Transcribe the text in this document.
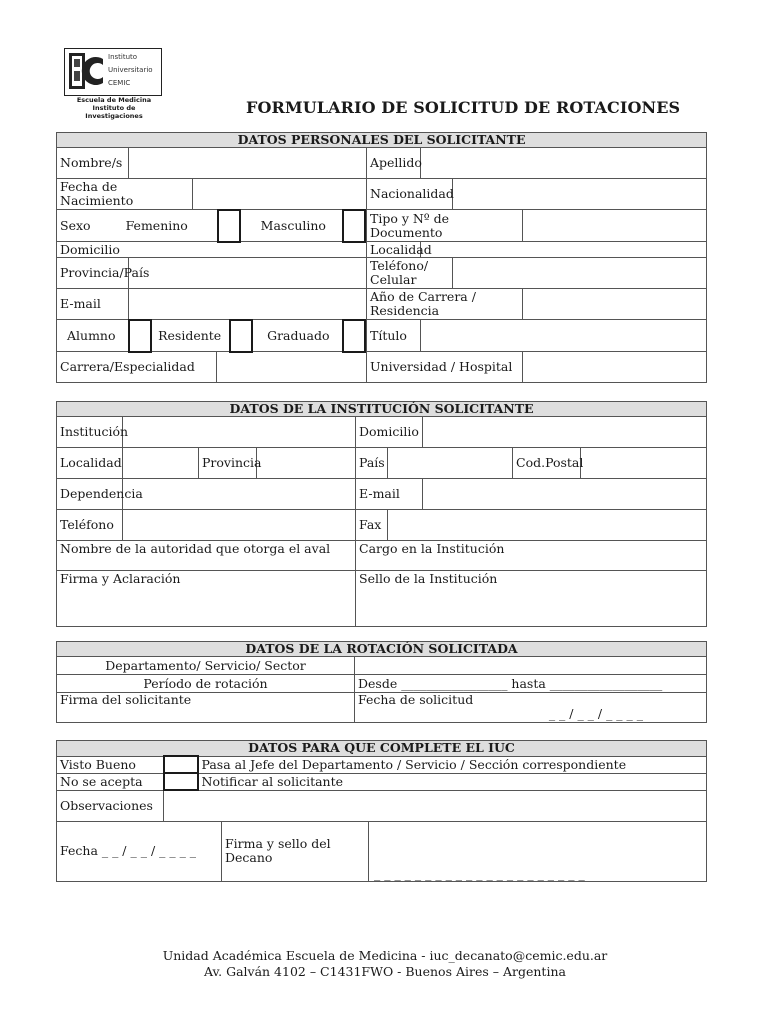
Instituto
Universitario
CEMIC
Escuela de Medicina
Instituto de Investigaciones	FORMULARIO DE SOLICITUD DE ROTACIONES
DATOS PERSONALES DEL SOLICITANTE							
Nombre/s				Apellido			
Fecha de Nacimiento				Nacionalidad			

Sexo Femenino Masculino				Tipo y Nº de Documento			
Domicilio				Localidad			
Provincia/País				Teléfono/ Celular			
E-mail				Año de Carrera / Residencia			

Alumno Residente Graduado				Título			
Carrera/Especialidad				Universidad / Hospital			
DATOS DE LA INSTITUCIÓN SOLICITANTE								
Institución				Domicilio				
Localidad		Provincia		País			Cod.Postal	
Dependencia				E-mail				
Teléfono				Fax				
Nombre de la autoridad que otorga el aval				Cargo en la Institución				
Firma y Aclaración				Sello de la Institución				
DATOS DE LA ROTACIÓN SOLICITADA	
Departamento/ Servicio/ Sector	
Período de rotación	Desde _________________ hasta __________________
Firma del solicitante	Fecha de solicitud
_ _ / _ _ / _ _ _ _
DATOS PARA QUE COMPLETE EL IUC				
Visto Bueno		Pasa al Jefe del Departamento / Servicio / Sección correspondiente		
No se acepta		Notificar al solicitante		
Observaciones				
Fecha _ _ / _ _ / _ _ _ _			Firma y sello del Decano	_ _ _ _ _ _ _ _ _ _ _ _ _ _ _ _ _ _ _ _ _
Unidad Académica Escuela de Medicina - iuc_decanato@cemic.edu.ar
Av. Galván 4102 – C1431FWO - Buenos Aires – Argentina
